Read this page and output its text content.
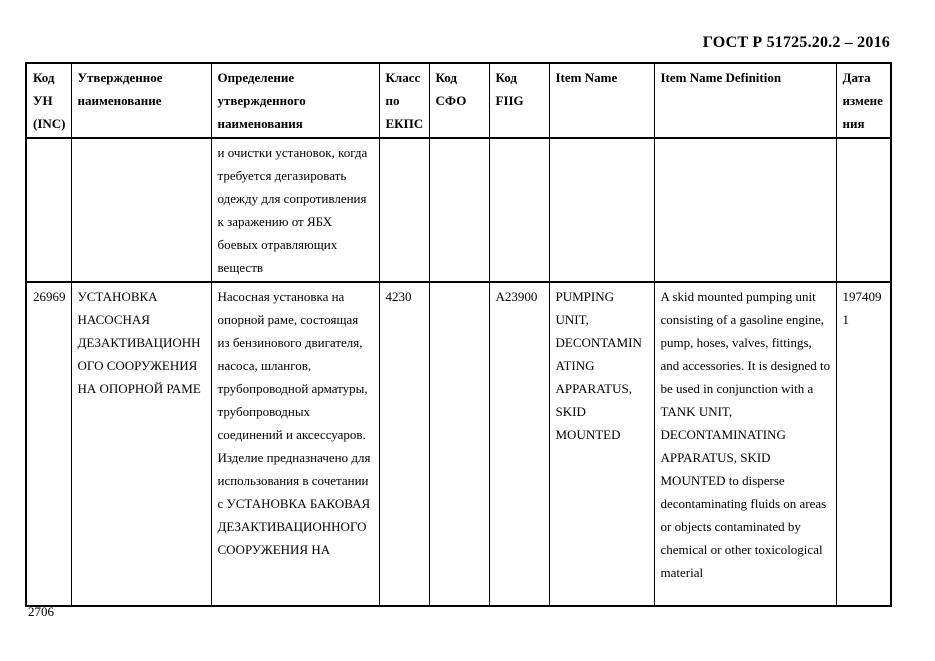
ГОСТ Р 51725.20.2 – 2016
Код УН (INC)	Утвержденное наименование	Определение утвержденного наименования	Класс по ЕКПС	Код СФО	Код FIIG	Item Name	Item Name Definition	Дата изменения
		и очистки установок, когда требуется дегазировать одежду для сопротивления к заражению от ЯБХ боевых отравляющих веществ						
26969	УСТАНОВКА НАСОСНАЯ ДЕЗАКТИВАЦИОННОГО СООРУЖЕНИЯ НА ОПОРНОЙ РАМЕ	Насосная установка на опорной раме, состоящая из бензинового двигателя, насоса, шлангов, трубопроводной арматуры, трубопроводных соединений и аксессуаров. Изделие предназначено для использования в сочетании с УСТАНОВКА БАКОВАЯ ДЕЗАКТИВАЦИОННОГО СООРУЖЕНИЯ НА	4230		A23900	PUMPING UNIT, DECONTAMINATING APPARATUS, SKID MOUNTED	A skid mounted pumping unit consisting of a gasoline engine, pump, hoses, valves, fittings, and accessories. It is designed to be used in conjunction with a TANK UNIT, DECONTAMINATING APPARATUS, SKID MOUNTED to disperse decontaminating fluids on areas or objects contaminated by chemical or other toxicological material	1974091
2706
